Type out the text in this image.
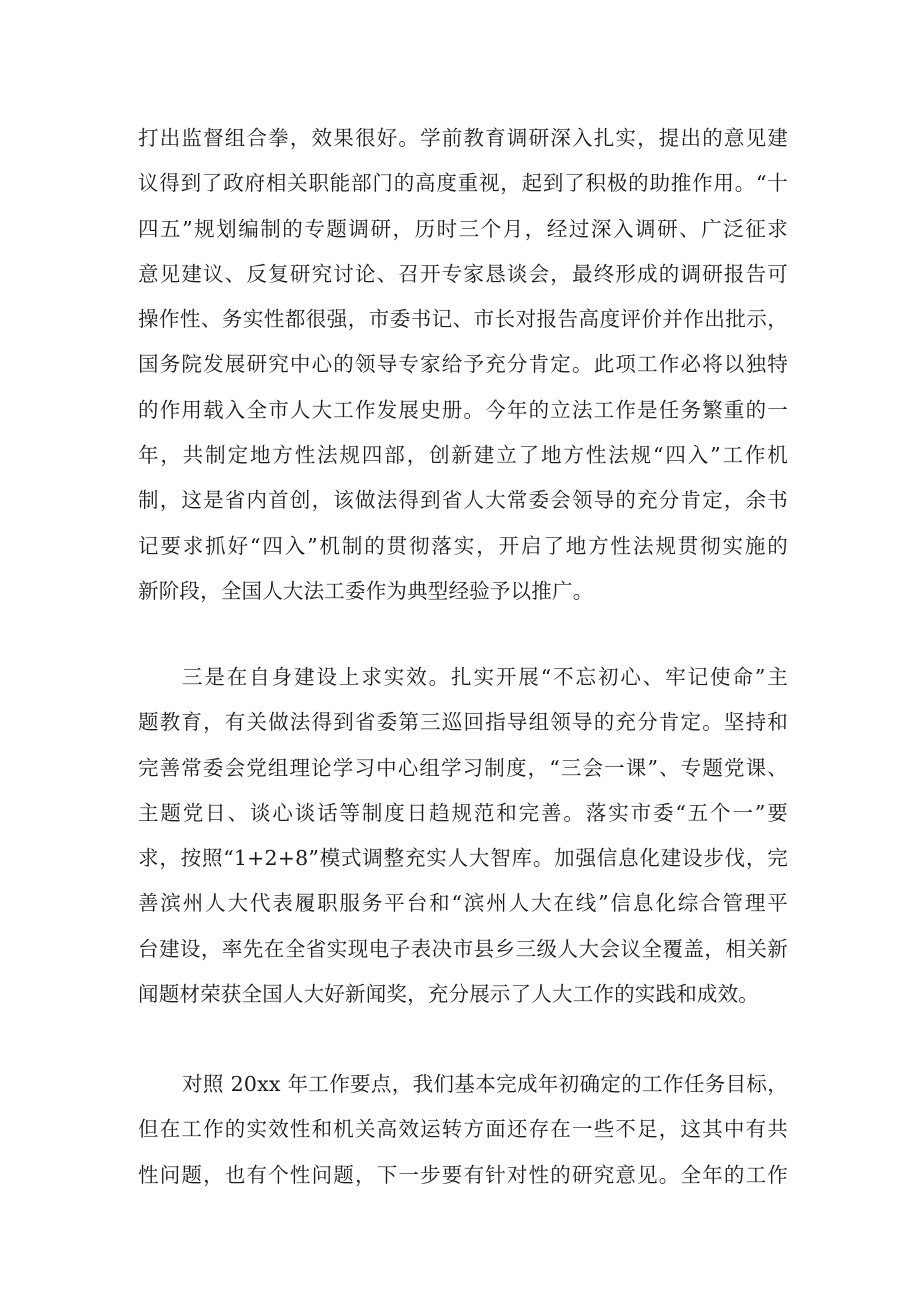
打出监督组合拳，效果很好。学前教育调研深入扎实，提出的意见建
议得到了政府相关职能部门的高度重视，起到了积极的助推作用。“十
四五”规划编制的专题调研，历时三个月，经过深入调研、广泛征求
意见建议、反复研究讨论、召开专家恳谈会，最终形成的调研报告可
操作性、务实性都很强，市委书记、市长对报告高度评价并作出批示，
国务院发展研究中心的领导专家给予充分肯定。此项工作必将以独特
的作用载入全市人大工作发展史册。今年的立法工作是任务繁重的一
年，共制定地方性法规四部，创新建立了地方性法规“四入”工作机
制，这是省内首创，该做法得到省人大常委会领导的充分肯定，余书
记要求抓好“四入”机制的贯彻落实，开启了地方性法规贯彻实施的
新阶段，全国人大法工委作为典型经验予以推广。
三是在自身建设上求实效。扎实开展“不忘初心、牢记使命”主
题教育，有关做法得到省委第三巡回指导组领导的充分肯定。坚持和
完善常委会党组理论学习中心组学习制度，“三会一课”、专题党课、
主题党日、谈心谈话等制度日趋规范和完善。落实市委“五个一”要
求，按照“1+2+8”模式调整充实人大智库。加强信息化建设步伐，完
善滨州人大代表履职服务平台和“滨州人大在线”信息化综合管理平
台建设，率先在全省实现电子表决市县乡三级人大会议全覆盖，相关新
闻题材荣获全国人大好新闻奖，充分展示了人大工作的实践和成效。
对照 20xx 年工作要点，我们基本完成年初确定的工作任务目标，
但在工作的实效性和机关高效运转方面还存在一些不足，这其中有共
性问题，也有个性问题，下一步要有针对性的研究意见。全年的工作
